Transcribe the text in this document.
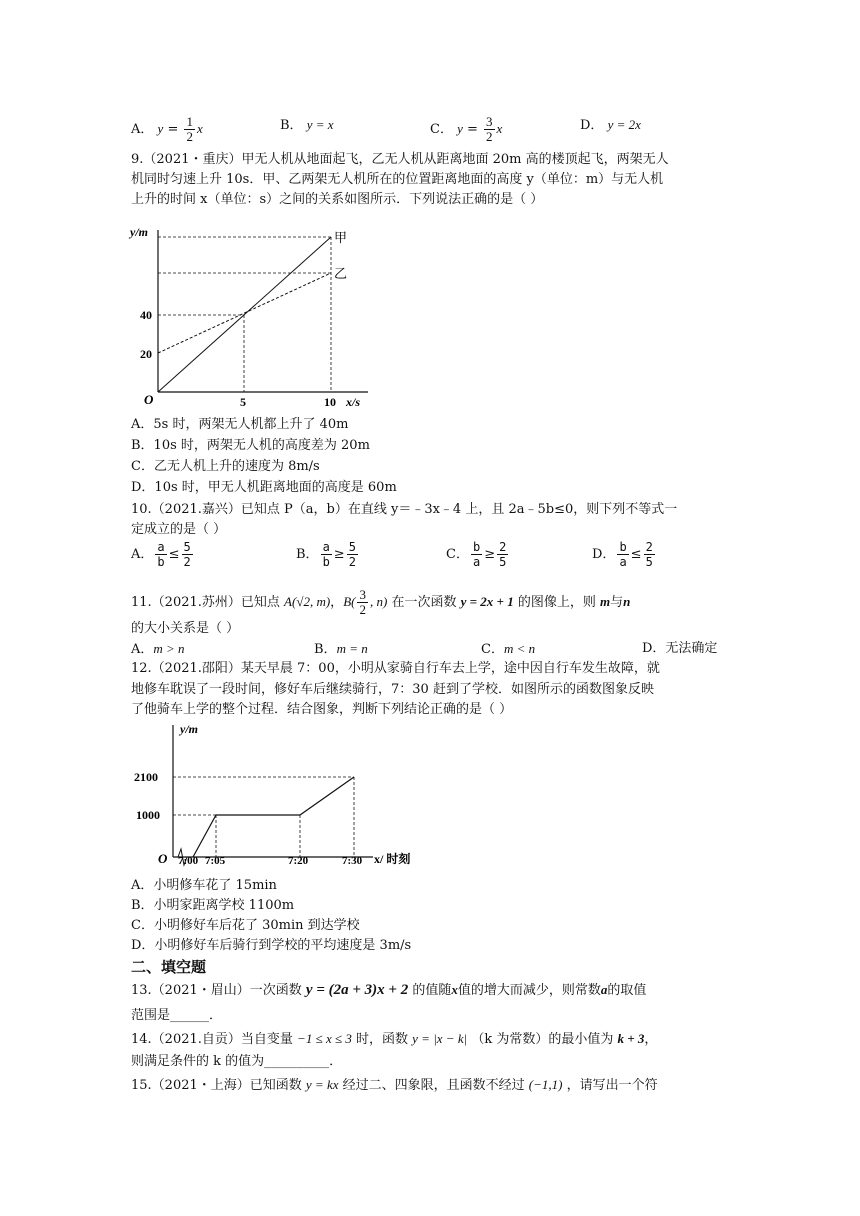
A． $y = \frac{1}{2}$ x	B． y = x	C． $y = \frac{3}{2}$ x	D． y = 2x
9.（2021・重庆）甲无人机从地面起飞，乙无人机从距离地面 20m 高的楼顶起飞，两架无人
机同时匀速上升 10s．甲、乙两架无人机所在的位置距离地面的高度 y（单位：m）与无人机
上升的时间 x（单位：s）之间的关系如图所示．下列说法正确的是（ ）
y/m
x/s
O
甲
乙
40
20
5	10
A．5s 时，两架无人机都上升了 40m
B．10s 时，两架无人机的高度差为 20m
C．乙无人机上升的速度为 8m/s
D．10s 时，甲无人机距离地面的高度是 60m
10.（2021.嘉兴）已知点 P（a，b）在直线 y＝﹣3x﹣4 上，且 2a﹣5b≤0，则下列不等式一
定成立的是（ ）
A． $\frac{a}{b} \le \frac{5}{2}$	B． $\frac{a}{b} \ge \frac{5}{2}$	C． $\frac{b}{a} \ge \frac{2}{5}$	D． $\frac{b}{a} \le \frac{2}{5}$
11.（2021.苏州）已知点 A(√2, m)，$B( \frac{3}{2}$ , n) 在一次函数 y = 2x + 1 的图像上，则 m与n
的大小关系是（ ）
A．m > n	B．m = n	C．m < n	D．无法确定
12.（2021.邵阳）某天早晨 7：00，小明从家骑自行车去上学，途中因自行车发生故障，就
地修车耽误了一段时间，修好车后继续骑行，7：30 赶到了学校．如图所示的函数图象反映
了他骑车上学的整个过程．结合图象，判断下列结论正确的是（ ）
y/m
x/ 时刻
O
2100
1000
7:00 7:05	7:20	7:30
A．小明修车花了 15min
B．小明家距离学校 1100m
C．小明修好车后花了 30min 到达学校
D．小明修好车后骑行到学校的平均速度是 3m/s
二、填空题
13.（2021・眉山）一次函数 y = (2a + 3)x + 2 的值随x值的增大而减少，则常数a的取值
范围是______．
14.（2021.自贡）当自变量 −1 ≤ x ≤ 3 时，函数 y = |x − k| （k 为常数）的最小值为 k + 3，
则满足条件的 k 的值为__________．
15.（2021・上海）已知函数 y = kx 经过二、四象限，且函数不经过 (−1,1) ，请写出一个符
